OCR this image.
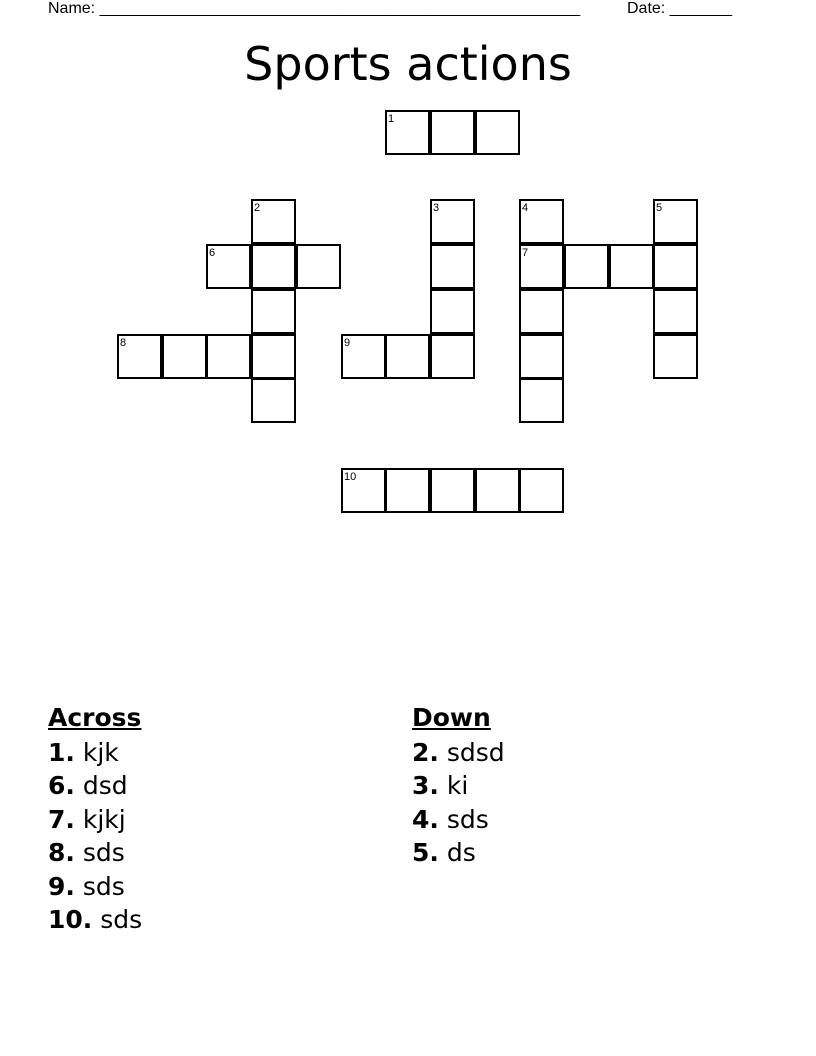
Name: ______________________________________________________	Date: _______
Sports actions
1
2	3	4
7
5
6
8	9
10
Across
1. kjk
6. dsd
7. kjkj
8. sds
9. sds
10. sds
Down
2. sdsd
3. ki
4. sds
5. ds
